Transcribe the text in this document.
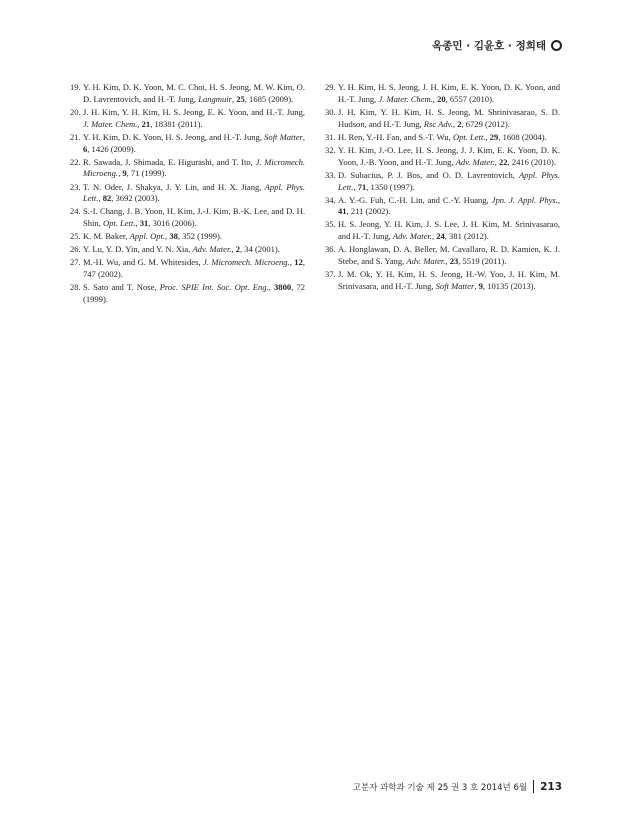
옥종민 · 김윤호 · 정희태
19. Y. H. Kim, D. K. Yoon, M. C. Choi, H. S. Jeong, M. W. Kim, O. D. Lavrentovich, and H.-T. Jung, Langmuir, 25, 1685 (2009).
20. J. H. Kim, Y. H. Kim, H. S. Jeong, E. K. Yoon, and H.-T. Jung, J. Mater. Chem., 21, 18381 (2011).
21. Y. H. Kim, D. K. Yoon, H. S. Jeong, and H.-T. Jung, Soft Matter, 6, 1426 (2009).
22. R. Sawada, J. Shimada, E. Higurashi, and T. Ito, J. Micromech. Microeng., 9, 71 (1999).
23. T. N. Oder, J. Shakya, J. Y. Lin, and H. X. Jiang, Appl. Phys. Lett., 82, 3692 (2003).
24. S.-I. Chang, J. B. Yoon, H. Kim, J.-J. Kim, B.-K. Lee, and D. H. Shin, Opt. Lett., 31, 3016 (2006).
25. K. M. Baker, Appl. Opt., 38, 352 (1999).
26. Y. Lu, Y. D. Yin, and Y. N. Xia, Adv. Mater., 2, 34 (2001).
27. M.-H. Wu, and G. M. Whitesides, J. Micromech. Microeng., 12, 747 (2002).
28. S. Sato and T. Nose, Proc. SPIE Int. Soc. Opt. Eng., 3800, 72 (1999).
29. Y. H. Kim, H. S. Jeong, J. H. Kim, E. K. Yoon, D. K. Yoon, and H.-T. Jung, J. Mater. Chem., 20, 6557 (2010).
30. J. H. Kim, Y. H. Kim, H. S. Jeong, M. Shrinivasarao, S. D. Hudson, and H.-T. Jung, Rsc Adv., 2, 6729 (2012).
31. H. Ren, Y.-H. Fan, and S.-T. Wu, Opt. Lett., 29, 1608 (2004).
32. Y. H. Kim, J.-O. Lee, H. S. Jeong, J. J. Kim, E. K. Yoon, D. K. Yoon, J.-B. Yoon, and H.-T. Jung, Adv. Mater., 22, 2416 (2010).
33. D. Subacius, P. J. Bos, and O. D. Lavrentovich, Appl. Phys. Lett., 71, 1350 (1997).
34. A. Y.-G. Fuh, C.-H. Lin, and C.-Y. Huang, Jpn. J. Appl. Phys., 41, 211 (2002).
35. H. S. Jeong, Y. H. Kim, J. S. Lee, J. H. Kim, M. Srinivasarao, and H.-T. Jung, Adv. Mater., 24, 381 (2012).
36. A. Honglawan, D. A. Beller, M. Cavallaro, R. D. Kamien, K. J. Stebe, and S. Yang, Adv. Mater., 23, 5519 (2011).
37. J. M. Ok, Y. H. Kim, H. S. Jeong, H.-W. Yoo, J. H. Kim, M. Srinivasara, and H.-T. Jung, Soft Matter, 9, 10135 (2013).
고분자 과학과 기술 제 25 권 3 호 2014년 6월 213
